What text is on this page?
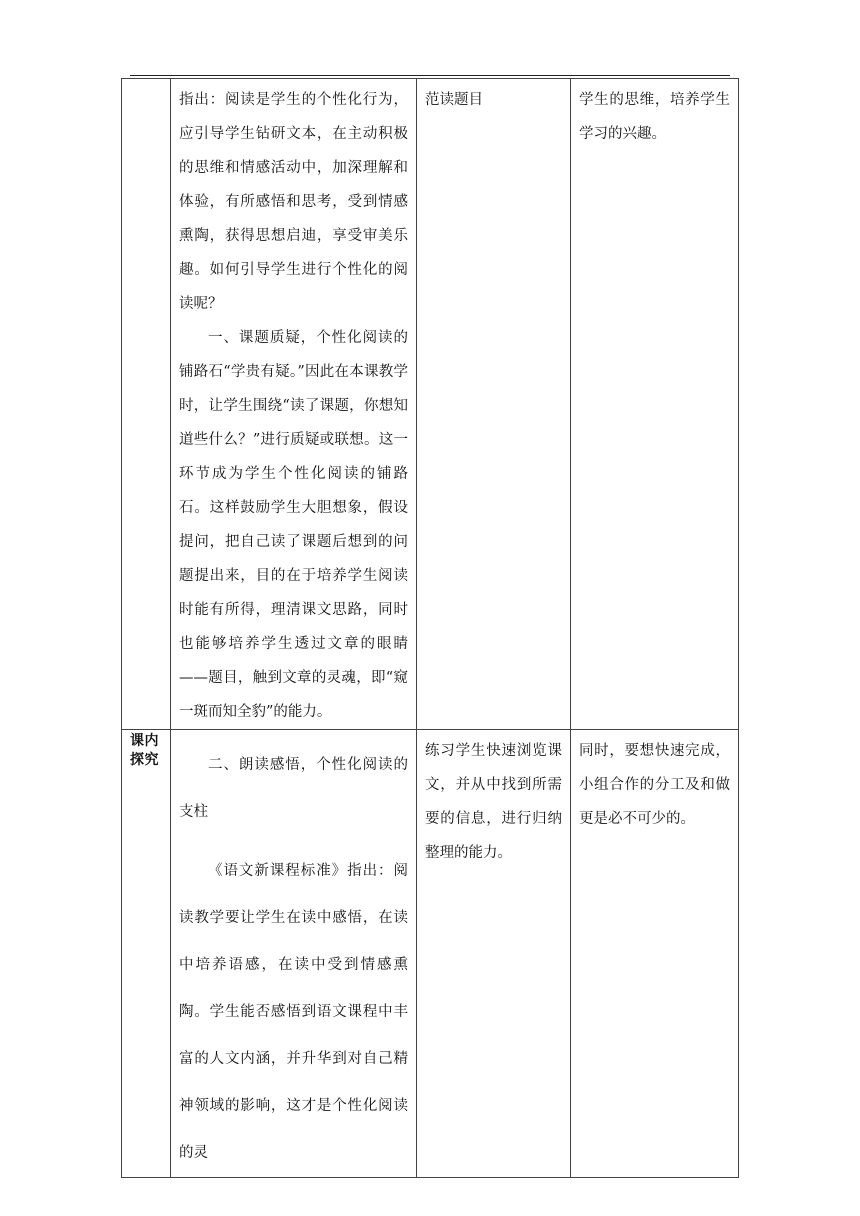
	指出：阅读是学生的个性化行为，应引导学生钻研文本，在主动积极的思维和情感活动中，加深理解和体验，有所感悟和思考，受到情感熏陶，获得思想启迪，享受审美乐趣。如何引导学生进行个性化的阅读呢？

一、课题质疑，个性化阅读的铺路石“学贵有疑。”因此在本课教学时，让学生围绕“读了课题，你想知道些什么？”进行质疑或联想。这一环节成为学生个性化阅读的铺路石。这样鼓励学生大胆想象，假设提问，把自己读了课题后想到的问题提出来，目的在于培养学生阅读时能有所得，理清课文思路，同时也能够培养学生透过文章的眼睛——题目，触到文章的灵魂，即“窥一斑而知全豹”的能力。	范读题目	学生的思维，培养学生学习的兴趣。

课内探究	二、朗读感悟，个性化阅读的支柱

《语文新课程标准》指出：阅读教学要让学生在读中感悟，在读中培养语感，在读中受到情感熏陶。学生能否感悟到语文课程中丰富的人文内涵，并升华到对自己精神领域的影响，这才是个性化阅读的灵	练习学生快速浏览课文，并从中找到所需要的信息，进行归纳整理的能力。	同时，要想快速完成，小组合作的分工及和做更是必不可少的。
